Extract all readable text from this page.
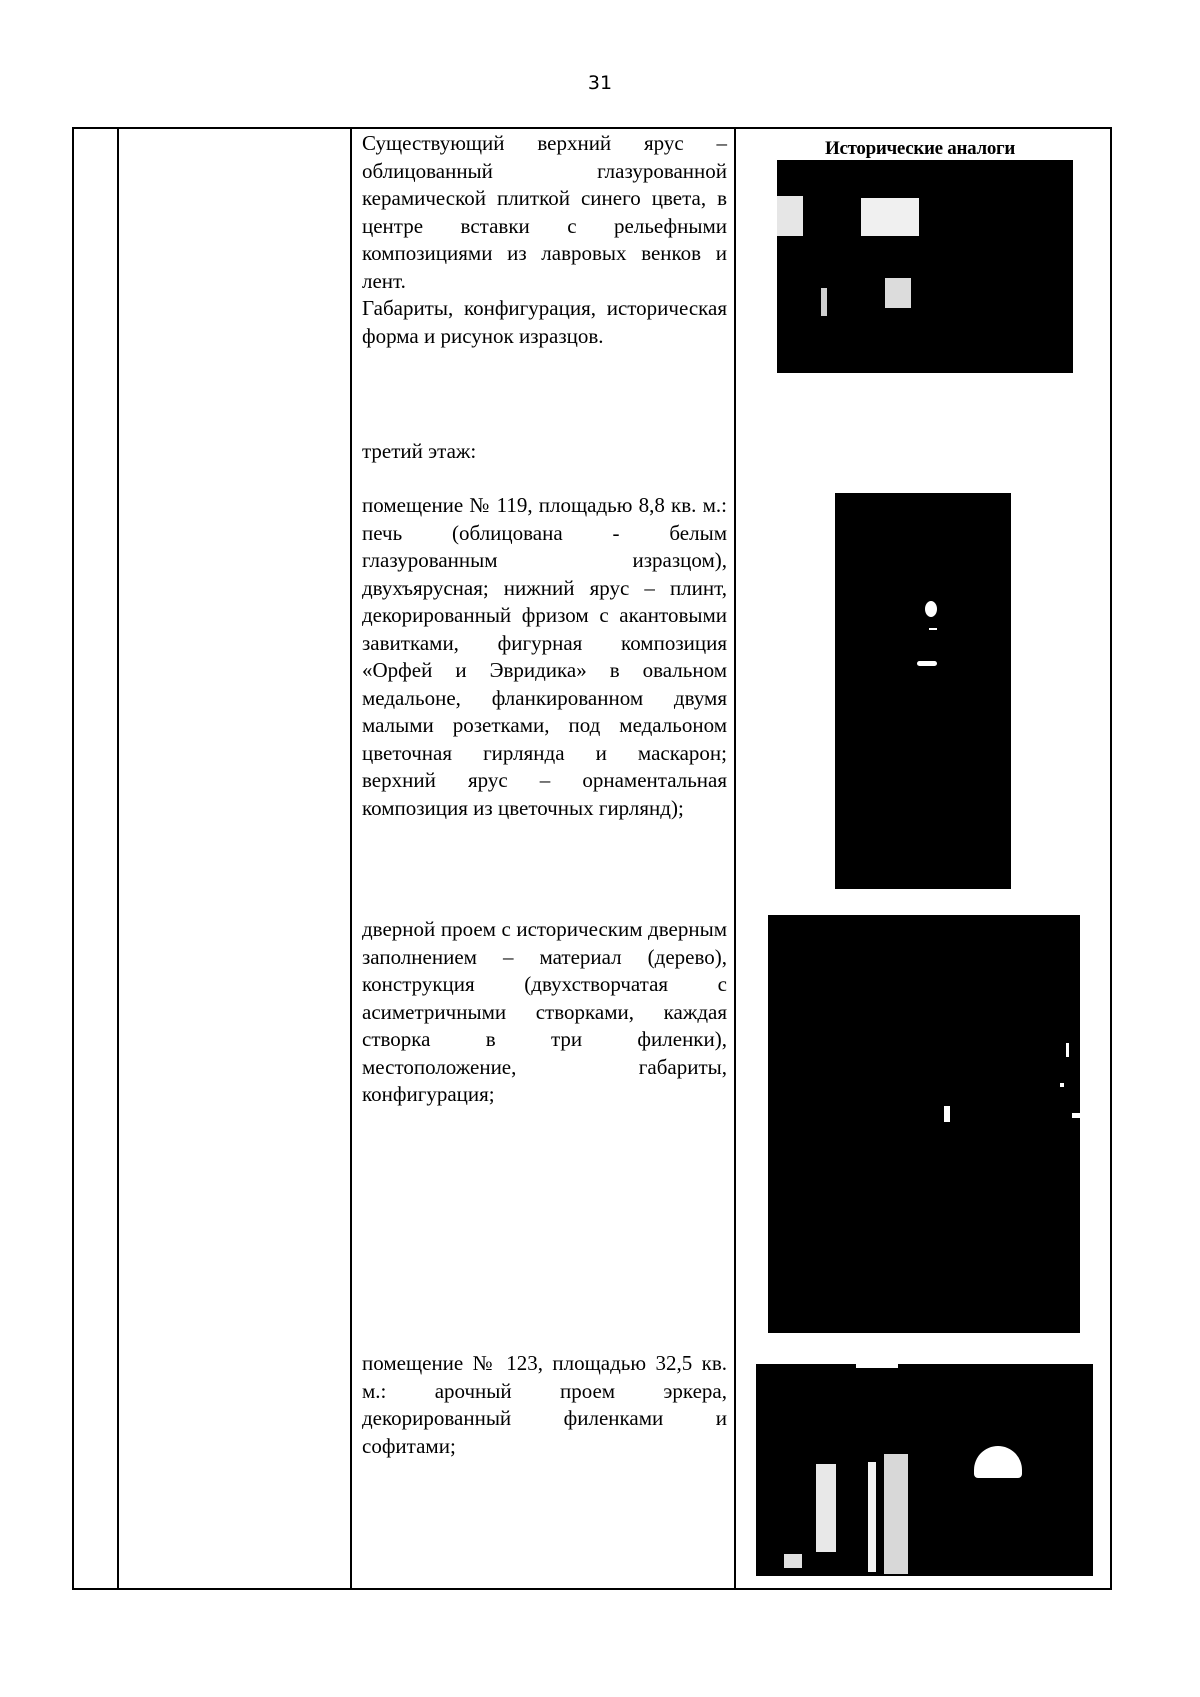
31

Существующий верхний ярус – облицованный глазурованной керамической плиткой синего цвета, в центре вставки с рельефными композициями из лавровых венков и лент.

Габариты, конфигурация, историческая форма и рисунок изразцов.

третий этаж:

помещение № 119, площадью 8,8 кв. м.: печь (облицована - белым глазурованным изразцом), двухъярусная; нижний ярус – плинт, декорированный фризом с акантовыми завитками, фигурная композиция «Орфей и Эвридика» в овальном медальоне, фланкированном двумя малыми розетками, под медальоном цветочная гирлянда и маскарон; верхний ярус – орнаментальная композиция из цветочных гирлянд);

дверной проем с историческим дверным заполнением – материал (дерево), конструкция (двухстворчатая с асиметричными створками, каждая створка в три филенки), местоположение, габариты, конфигурация;

помещение № 123, площадью 32,5 кв. м.: арочный проем эркера, декорированный филенками и софитами;

Исторические аналоги
